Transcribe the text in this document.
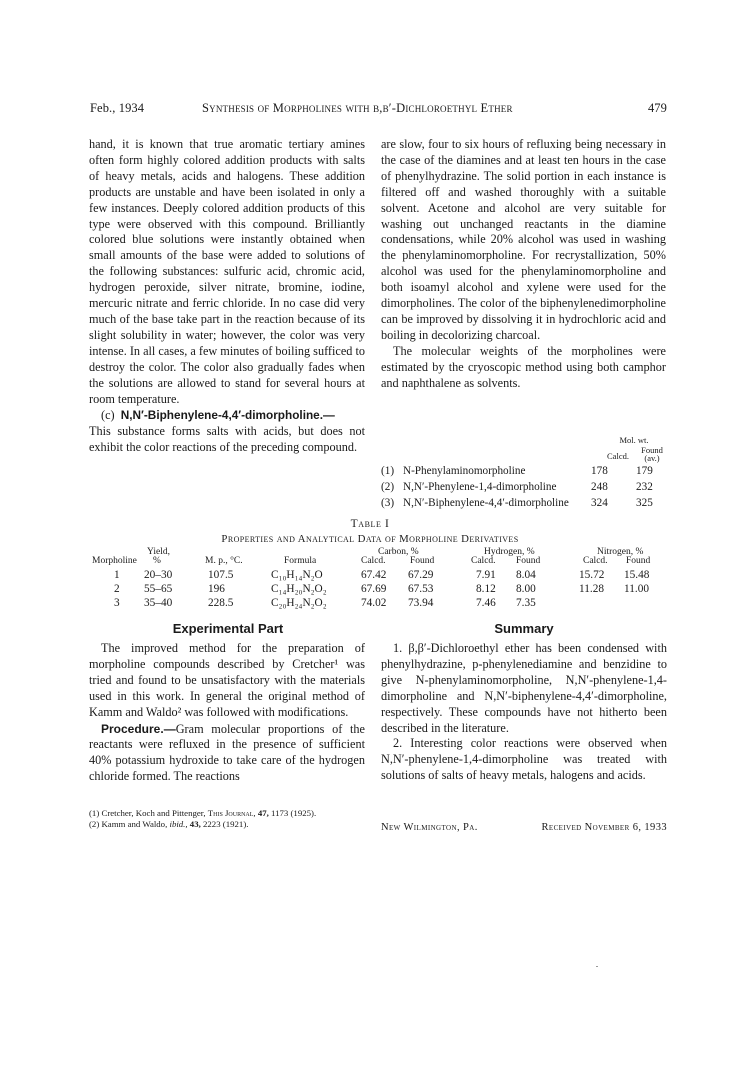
Feb., 1934	Synthesis of Morpholines with β,β′-Dichloroethyl Ether	479

hand, it is known that true aromatic tertiary amines often form highly colored addition products with salts of heavy metals, acids and halogens. These addition products are unstable and have been isolated in only a few instances. Deeply colored addition products of this type were observed with this compound. Brilliantly colored blue solutions were instantly obtained when small amounts of the base were added to solutions of the following substances: sulfuric acid, chromic acid, hydrogen peroxide, silver nitrate, bromine, iodine, mercuric nitrate and ferric chloride. In no case did very much of the base take part in the reaction because of its slight solubility in water; however, the color was very intense. In all cases, a few minutes of boiling sufficed to destroy the color. The color also gradually fades when the solutions are allowed to stand for several hours at room temperature.

(c) N,N′-Biphenylene-4,4′-dimorpholine.—

This substance forms salts with acids, but does not exhibit the color reactions of the preceding compound.

are slow, four to six hours of refluxing being necessary in the case of the diamines and at least ten hours in the case of phenylhydrazine. The solid portion in each instance is filtered off and washed thoroughly with a suitable solvent. Acetone and alcohol are very suitable for washing out unchanged reactants in the diamine condensations, while 20% alcohol was used in washing the phenylaminomorpholine. For recrystallization, 50% alcohol was used for the phenylaminomorpholine and both isoamyl alcohol and xylene were used for the dimorpholines. The color of the biphenylenedimorpholine can be improved by dissolving it in hydrochloric acid and boiling in decolorizing charcoal.

The molecular weights of the morpholines were estimated by the cryoscopic method using both camphor and naphthalene as solvents.

Mol. wt.
Calcd.
Found
(av.)
(1) N-Phenylaminomorpholine	178	179
(2) N,N′-Phenylene-1,4-dimorpholine	248	232
(3) N,N′-Biphenylene-4,4′-dimorpholine 324	325
Table I
Properties and Analytical Data of Morpholine Derivatives
Morpholine
Yield,
%	M. p., °C.	Formula
Carbon, %
Calcd.	Found
Hydrogen, %
Calcd. Found
Nitrogen, %
Calcd. Found
1 20–30	107.5	C₁₀H₁₄N₂O	67.42 67.29	7.91 8.04	15.72 15.48
2 55–65	196	C₁₄H₂₀N₂O₂	67.69 67.53	8.12 8.00	11.28 11.00
3 35–40	228.5	C₂₀H₂₄N₂O₂	74.02 73.94	7.46 7.35
Experimental Part	Summary

The improved method for the preparation of morpholine compounds described by Cretcher¹ was tried and found to be unsatisfactory with the materials used in this work. In general the original method of Kamm and Waldo² was followed with modifications.

Procedure.—Gram molecular proportions of the reactants were refluxed in the presence of sufficient 40% potassium hydroxide to take care of the hydrogen chloride formed. The reactions

(1) Cretcher, Koch and Pittenger, This Journal, 47, 1173 (1925).
(2) Kamm and Waldo, ibid., 43, 2223 (1921).

1. β,β′-Dichloroethyl ether has been condensed with phenylhydrazine, p-phenylenediamine and benzidine to give N-phenylaminomorpholine, N,N′-phenylene-1,4-dimorpholine and N,N′-biphenylene-4,4′-dimorpholine, respectively. These compounds have not hitherto been described in the literature.

2. Interesting color reactions were observed when N,N′-phenylene-1,4-dimorpholine was treated with solutions of salts of heavy metals, halogens and acids.

New Wilmington, Pa.	Received November 6, 1933
